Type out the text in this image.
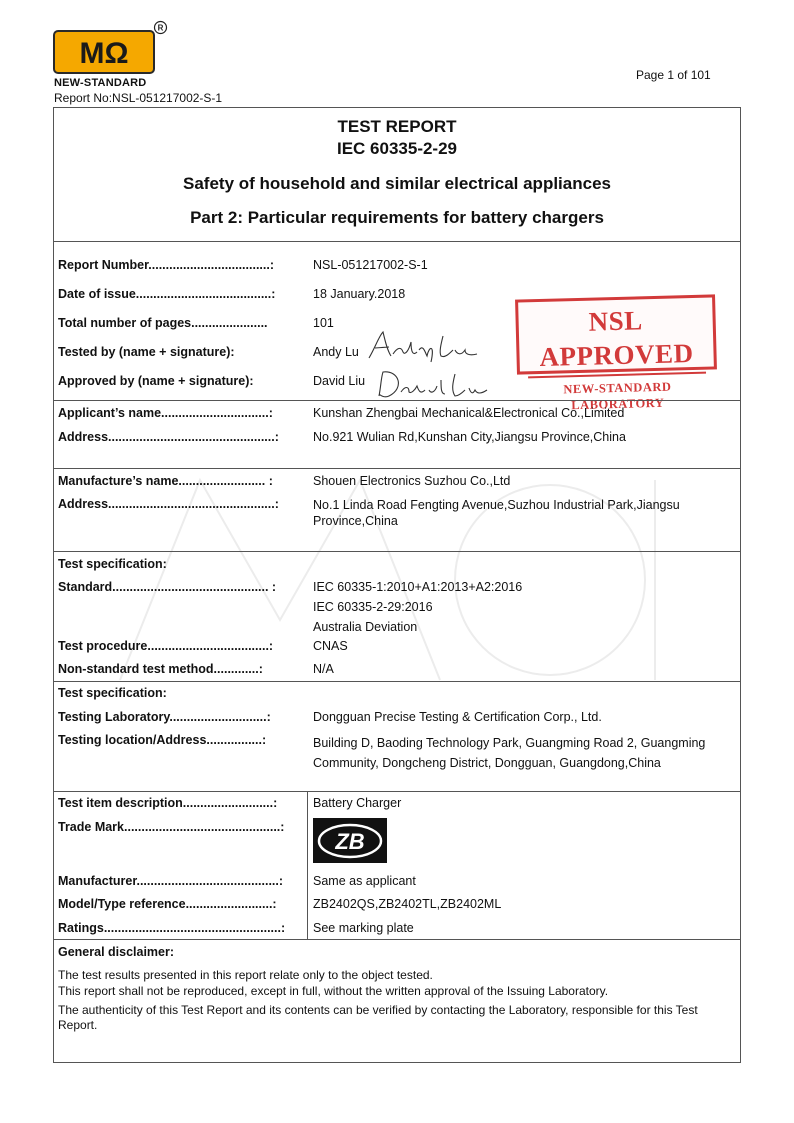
MΩ
R
NEW-STANDARD
Report No:NSL-051217002-S-1
Page 1 of 101
TEST REPORT
IEC 60335-2-29
Safety of household and similar electrical appliances
Part 2: Particular requirements for battery chargers
Report Number...................................:	NSL-051217002-S-1
Date of issue.......................................:	18 January.2018
Total number of pages......................	101
Tested by (name + signature):	Andy Lu
Approved by (name + signature):	David Liu
NSL APPROVED
NEW-STANDARD LABORATORY
Applicant’s name...............................:	Kunshan Zhengbai Mechanical&Electronical Co.,Limited
Address................................................:	No.921 Wulian Rd,Kunshan City,Jiangsu Province,China
Manufacture’s name......................... :	Shouen Electronics Suzhou Co.,Ltd
Address................................................:	No.1 Linda Road Fengting Avenue,Suzhou Industrial Park,Jiangsu Province,China
Test specification:
Standard............................................. :	IEC 60335-1:2010+A1:2013+A2:2016
IEC 60335-2-29:2016
Australia Deviation
Test procedure...................................:	CNAS
Non-standard test method.............:	N/A
Test specification:
Testing Laboratory............................:	Dongguan Precise Testing & Certification Corp., Ltd.
Testing location/Address................:	Building D, Baoding Technology Park, Guangming Road 2, Guangming Community, Dongcheng District, Dongguan, Guangdong,China
Test item description..........................:	Battery Charger
Trade Mark.............................................:
ZB
Manufacturer.........................................: Same as applicant
Model/Type reference.........................:	ZB2402QS,ZB2402TL,ZB2402ML
Ratings...................................................: See marking plate
General disclaimer:
The test results presented in this report relate only to the object tested.
This report shall not be reproduced, except in full, without the written approval of the Issuing Laboratory.
The authenticity of this Test Report and its contents can be verified by contacting the Laboratory, responsible for this Test Report.
